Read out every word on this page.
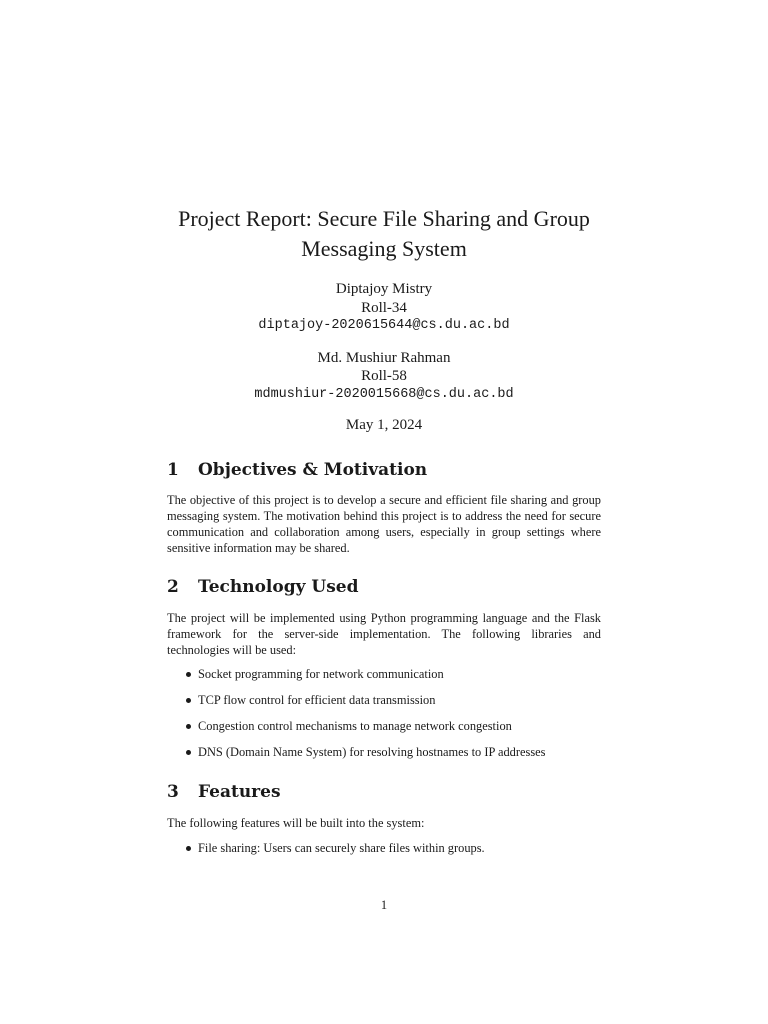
Project Report: Secure File Sharing and Group Messaging System
Diptajoy Mistry
Roll-34
diptajoy-2020615644@cs.du.ac.bd
Md. Mushiur Rahman
Roll-58
mdmushiur-2020015668@cs.du.ac.bd
May 1, 2024
1 Objectives & Motivation

The objective of this project is to develop a secure and efficient file sharing and group messaging system. The motivation behind this project is to address the need for secure communication and collaboration among users, especially in group settings where sensitive information may be shared.

2 Technology Used

The project will be implemented using Python programming language and the Flask framework for the server-side implementation. The following libraries and technologies will be used:

Socket programming for network communication
TCP flow control for efficient data transmission
Congestion control mechanisms to manage network congestion
DNS (Domain Name System) for resolving hostnames to IP addresses
3 Features

The following features will be built into the system:

File sharing: Users can securely share files within groups.
1
